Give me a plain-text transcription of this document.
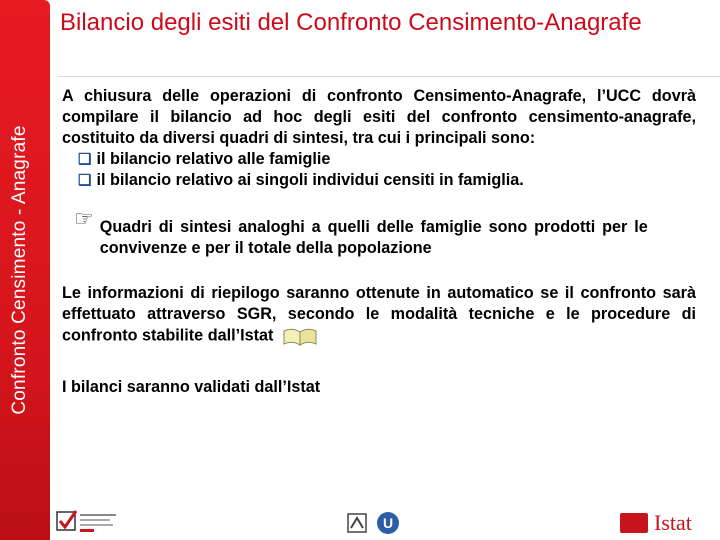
Confronto Censimento - Anagrafe
Bilancio degli esiti del Confronto Censimento-Anagrafe

A chiusura delle operazioni di confronto Censimento-Anagrafe, l’UCC dovrà compilare il bilancio ad hoc degli esiti del confronto censimento-anagrafe, costituito da diversi quadri di sintesi, tra cui i principali sono:

❑ il bilancio relativo alle famiglie
❑ il bilancio relativo ai singoli individui censiti in famiglia.
☞ Quadri di sintesi analoghi a quelli delle famiglie sono prodotti per le convivenze e per il totale della popolazione

Le informazioni di riepilogo saranno ottenute in automatico se il confronto sarà effettuato attraverso SGR, secondo le modalità tecniche e le procedure di confronto stabilite dall’Istat

I bilanci saranno validati dall’Istat

U	Istat
